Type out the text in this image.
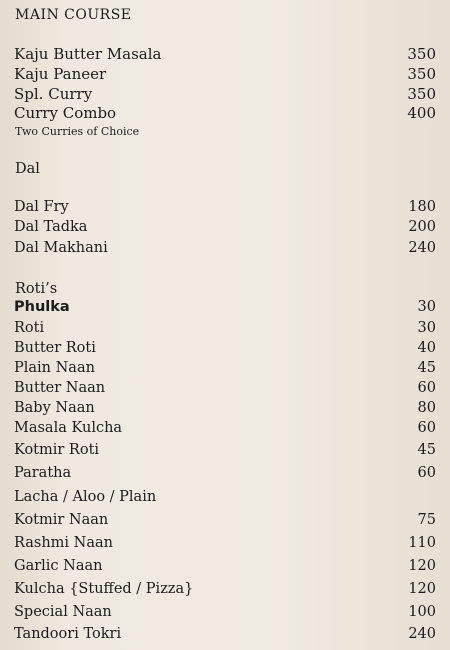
MAIN COURSE
Kaju Butter Masala	350
Kaju Paneer	350
Spl. Curry	350
Curry Combo	400
Two Curries of Choice
Dal
Dal Fry	180
Dal Tadka	200
Dal Makhani	240
Roti’s
Phulka	30
Roti	30
Butter Roti	40
Plain Naan	45
Butter Naan	60
Baby Naan	80
Masala Kulcha	60
Kotmir Roti	45
Paratha	60
Lacha / Aloo / Plain
Kotmir Naan	75
Rashmi Naan	110
Garlic Naan	120
Kulcha {Stuffed / Pizza}	120
Special Naan	100
Tandoori Tokri	240
